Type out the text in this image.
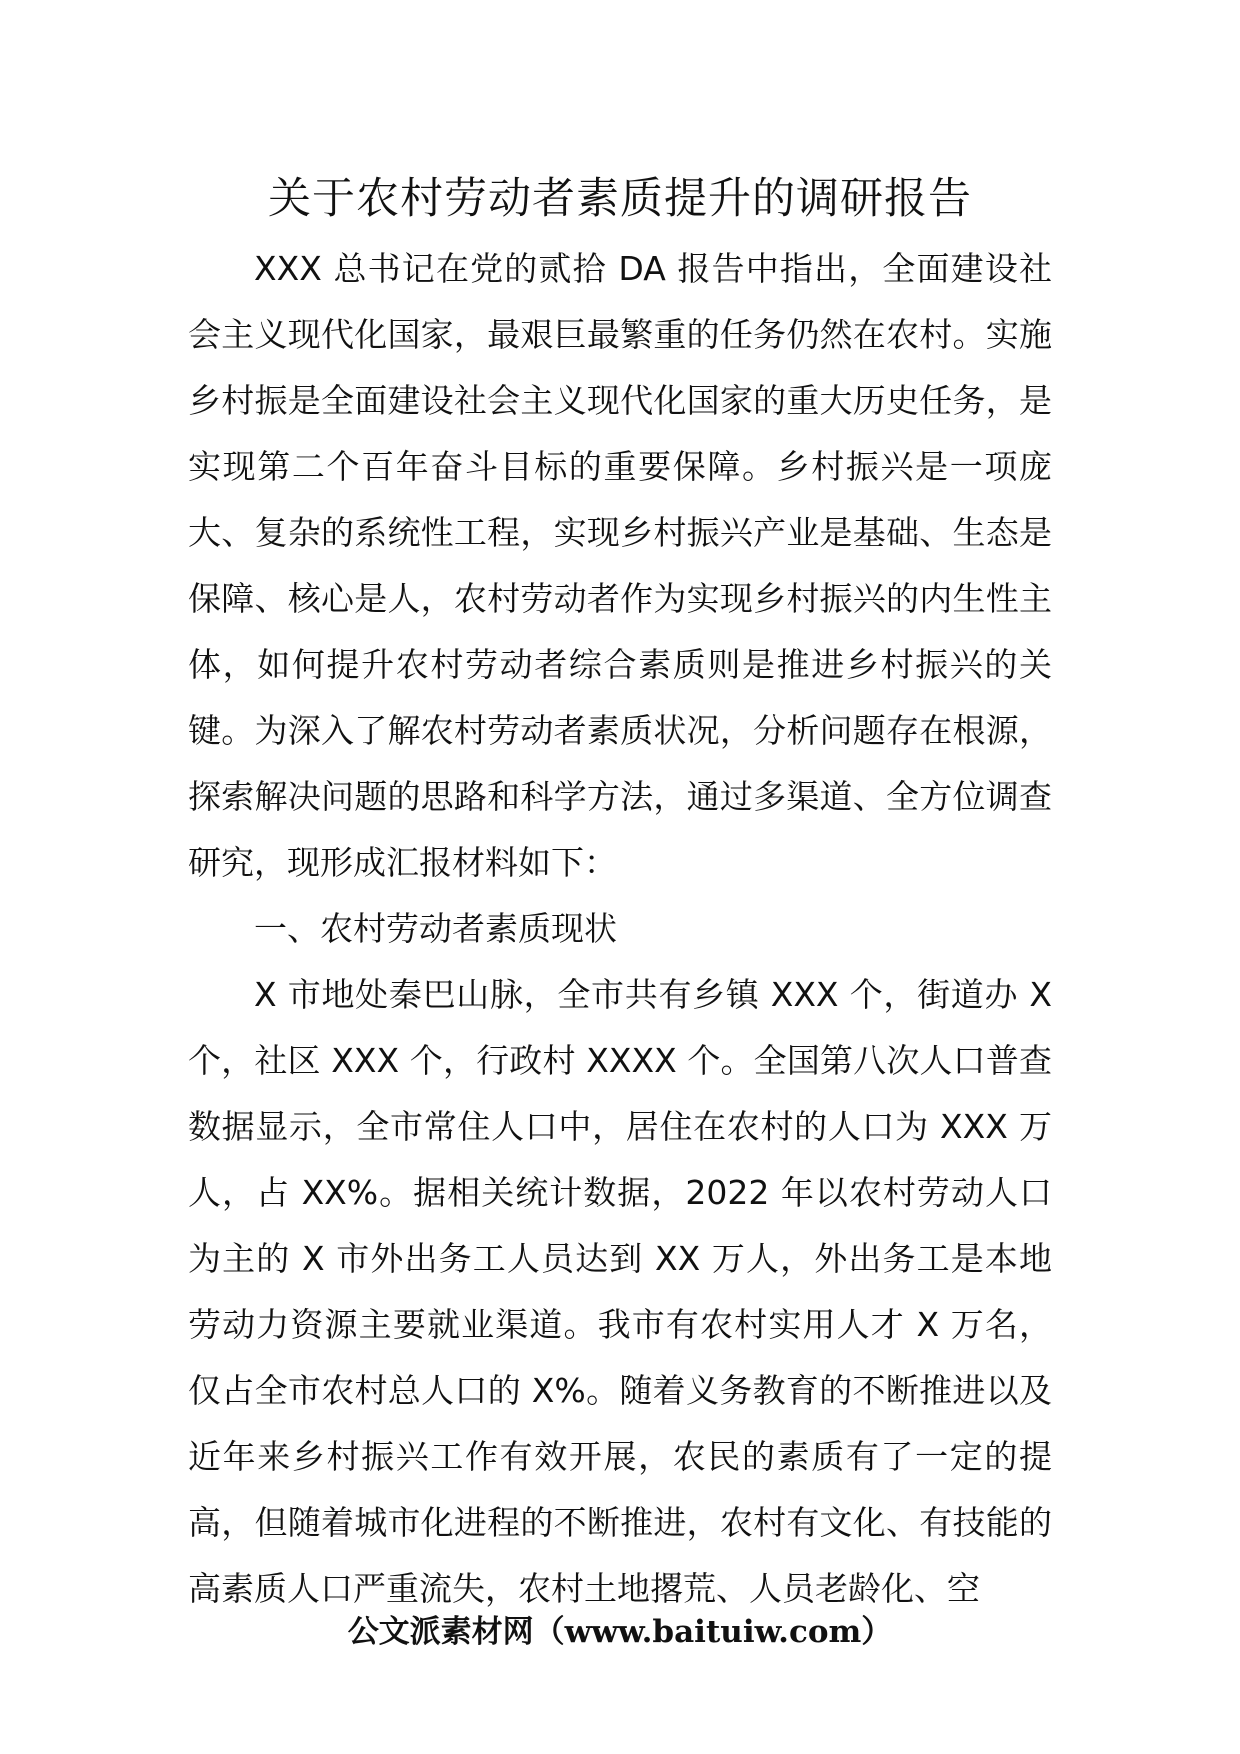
关于农村劳动者素质提升的调研报告

XXX 总书记在党的贰拾 DA 报告中指出，全面建设社会主义现代化国家，最艰巨最繁重的任务仍然在农村。实施乡村振是全面建设社会主义现代化国家的重大历史任务，是实现第二个百年奋斗目标的重要保障。乡村振兴是一项庞大、复杂的系统性工程，实现乡村振兴产业是基础、生态是保障、核心是人，农村劳动者作为实现乡村振兴的内生性主体，如何提升农村劳动者综合素质则是推进乡村振兴的关键。为深入了解农村劳动者素质状况，分析问题存在根源，探索解决问题的思路和科学方法，通过多渠道、全方位调查研究，现形成汇报材料如下：

一、农村劳动者素质现状

X 市地处秦巴山脉，全市共有乡镇 XXX 个，街道办 X 个，社区 XXX 个，行政村 XXXX 个。全国第八次人口普查数据显示，全市常住人口中，居住在农村的人口为 XXX 万人，占 XX%。据相关统计数据，2022 年以农村劳动人口为主的 X 市外出务工人员达到 XX 万人，外出务工是本地劳动力资源主要就业渠道。我市有农村实用人才 X 万名，仅占全市农村总人口的 X%。随着义务教育的不断推进以及近年来乡村振兴工作有效开展，农民的素质有了一定的提高，但随着城市化进程的不断推进，农村有文化、有技能的高素质人口严重流失，农村土地撂荒、人员老龄化、空

公文派素材网（www.baituiw.com）
